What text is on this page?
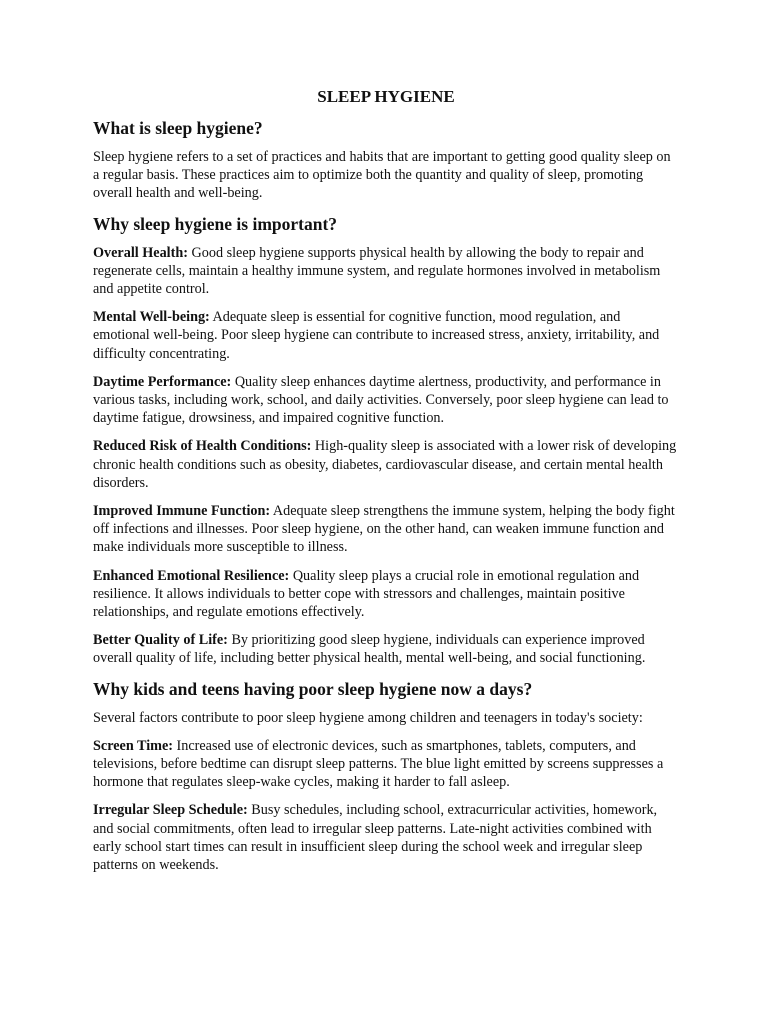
SLEEP HYGIENE
What is sleep hygiene?

Sleep hygiene refers to a set of practices and habits that are important to getting good quality sleep on a regular basis. These practices aim to optimize both the quantity and quality of sleep, promoting overall health and well-being.

Why sleep hygiene is important?

Overall Health: Good sleep hygiene supports physical health by allowing the body to repair and regenerate cells, maintain a healthy immune system, and regulate hormones involved in metabolism and appetite control.

Mental Well-being: Adequate sleep is essential for cognitive function, mood regulation, and emotional well-being. Poor sleep hygiene can contribute to increased stress, anxiety, irritability, and difficulty concentrating.

Daytime Performance: Quality sleep enhances daytime alertness, productivity, and performance in various tasks, including work, school, and daily activities. Conversely, poor sleep hygiene can lead to daytime fatigue, drowsiness, and impaired cognitive function.

Reduced Risk of Health Conditions: High-quality sleep is associated with a lower risk of developing chronic health conditions such as obesity, diabetes, cardiovascular disease, and certain mental health disorders.

Improved Immune Function: Adequate sleep strengthens the immune system, helping the body fight off infections and illnesses. Poor sleep hygiene, on the other hand, can weaken immune function and make individuals more susceptible to illness.

Enhanced Emotional Resilience: Quality sleep plays a crucial role in emotional regulation and resilience. It allows individuals to better cope with stressors and challenges, maintain positive relationships, and regulate emotions effectively.

Better Quality of Life: By prioritizing good sleep hygiene, individuals can experience improved overall quality of life, including better physical health, mental well-being, and social functioning.

Why kids and teens having poor sleep hygiene now a days?

Several factors contribute to poor sleep hygiene among children and teenagers in today's society:

Screen Time: Increased use of electronic devices, such as smartphones, tablets, computers, and televisions, before bedtime can disrupt sleep patterns. The blue light emitted by screens suppresses a hormone that regulates sleep-wake cycles, making it harder to fall asleep.

Irregular Sleep Schedule: Busy schedules, including school, extracurricular activities, homework, and social commitments, often lead to irregular sleep patterns. Late-night activities combined with early school start times can result in insufficient sleep during the school week and irregular sleep patterns on weekends.
